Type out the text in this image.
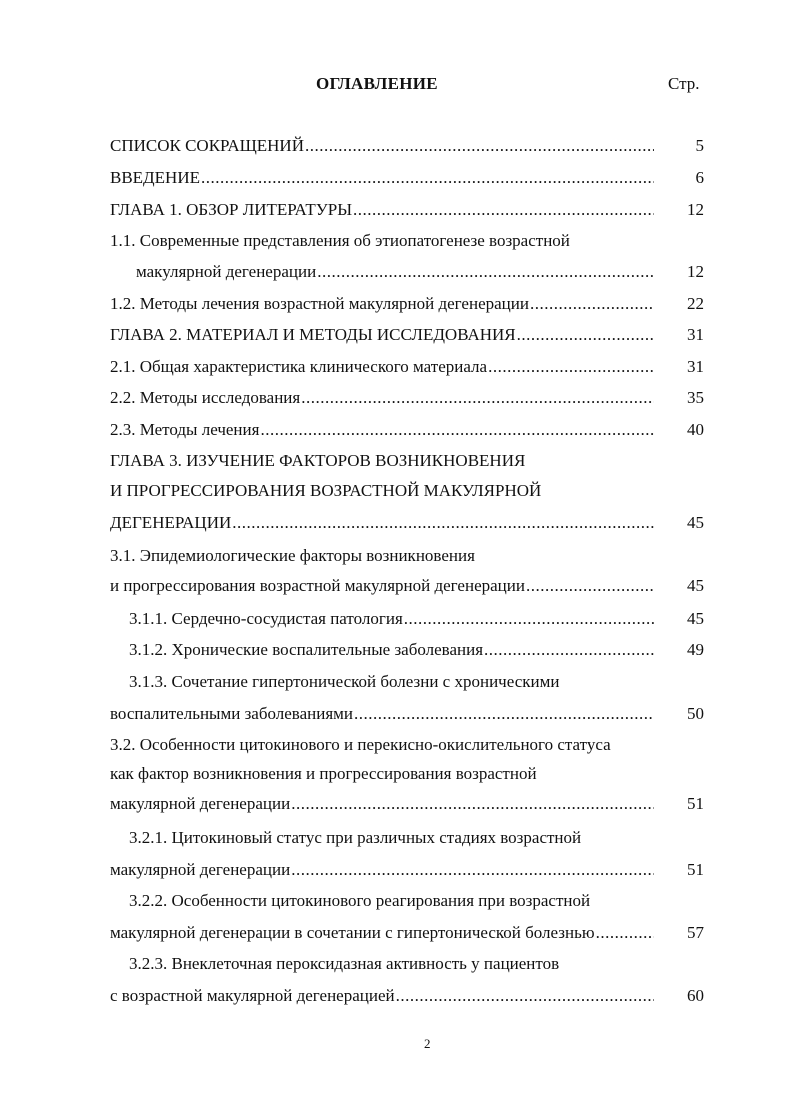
ОГЛАВЛЕНИЕ	Стр.
СПИСОК СОКРАЩЕНИЙ .....	5
ВВЕДЕНИЕ .....	6
ГЛАВА 1. ОБЗОР ЛИТЕРАТУРЫ .....	12
1.1. Современные представления об этиопатогенезе возрастной
макулярной дегенерации .....	12
1.2. Методы лечения возрастной макулярной дегенерации .....	22
ГЛАВА 2. МАТЕРИАЛ И МЕТОДЫ ИССЛЕДОВАНИЯ .....	31
2.1. Общая характеристика клинического материала .....	31
2.2. Методы исследования .....	35
2.3. Методы лечения .....	40
ГЛАВА 3. ИЗУЧЕНИЕ ФАКТОРОВ ВОЗНИКНОВЕНИЯ
И ПРОГРЕССИРОВАНИЯ ВОЗРАСТНОЙ МАКУЛЯРНОЙ
ДЕГЕНЕРАЦИИ .....	45
3.1. Эпидемиологические факторы возникновения
и прогрессирования возрастной макулярной дегенерации .....	45
3.1.1. Сердечно-сосудистая патология .....	45
3.1.2. Хронические воспалительные заболевания .....	49
3.1.3. Сочетание гипертонической болезни с хроническими
воспалительными заболеваниями .....	50
3.2. Особенности цитокинового и перекисно-окислительного статуса
как фактор возникновения и прогрессирования возрастной
макулярной дегенерации .....	51
3.2.1. Цитокиновый статус при различных стадиях возрастной
макулярной дегенерации .....	51
3.2.2. Особенности цитокинового реагирования при возрастной
макулярной дегенерации в сочетании с гипертонической болезнью .....	57
3.2.3. Внеклеточная пероксидазная активность у пациентов
с возрастной макулярной дегенерацией .....	60
2
